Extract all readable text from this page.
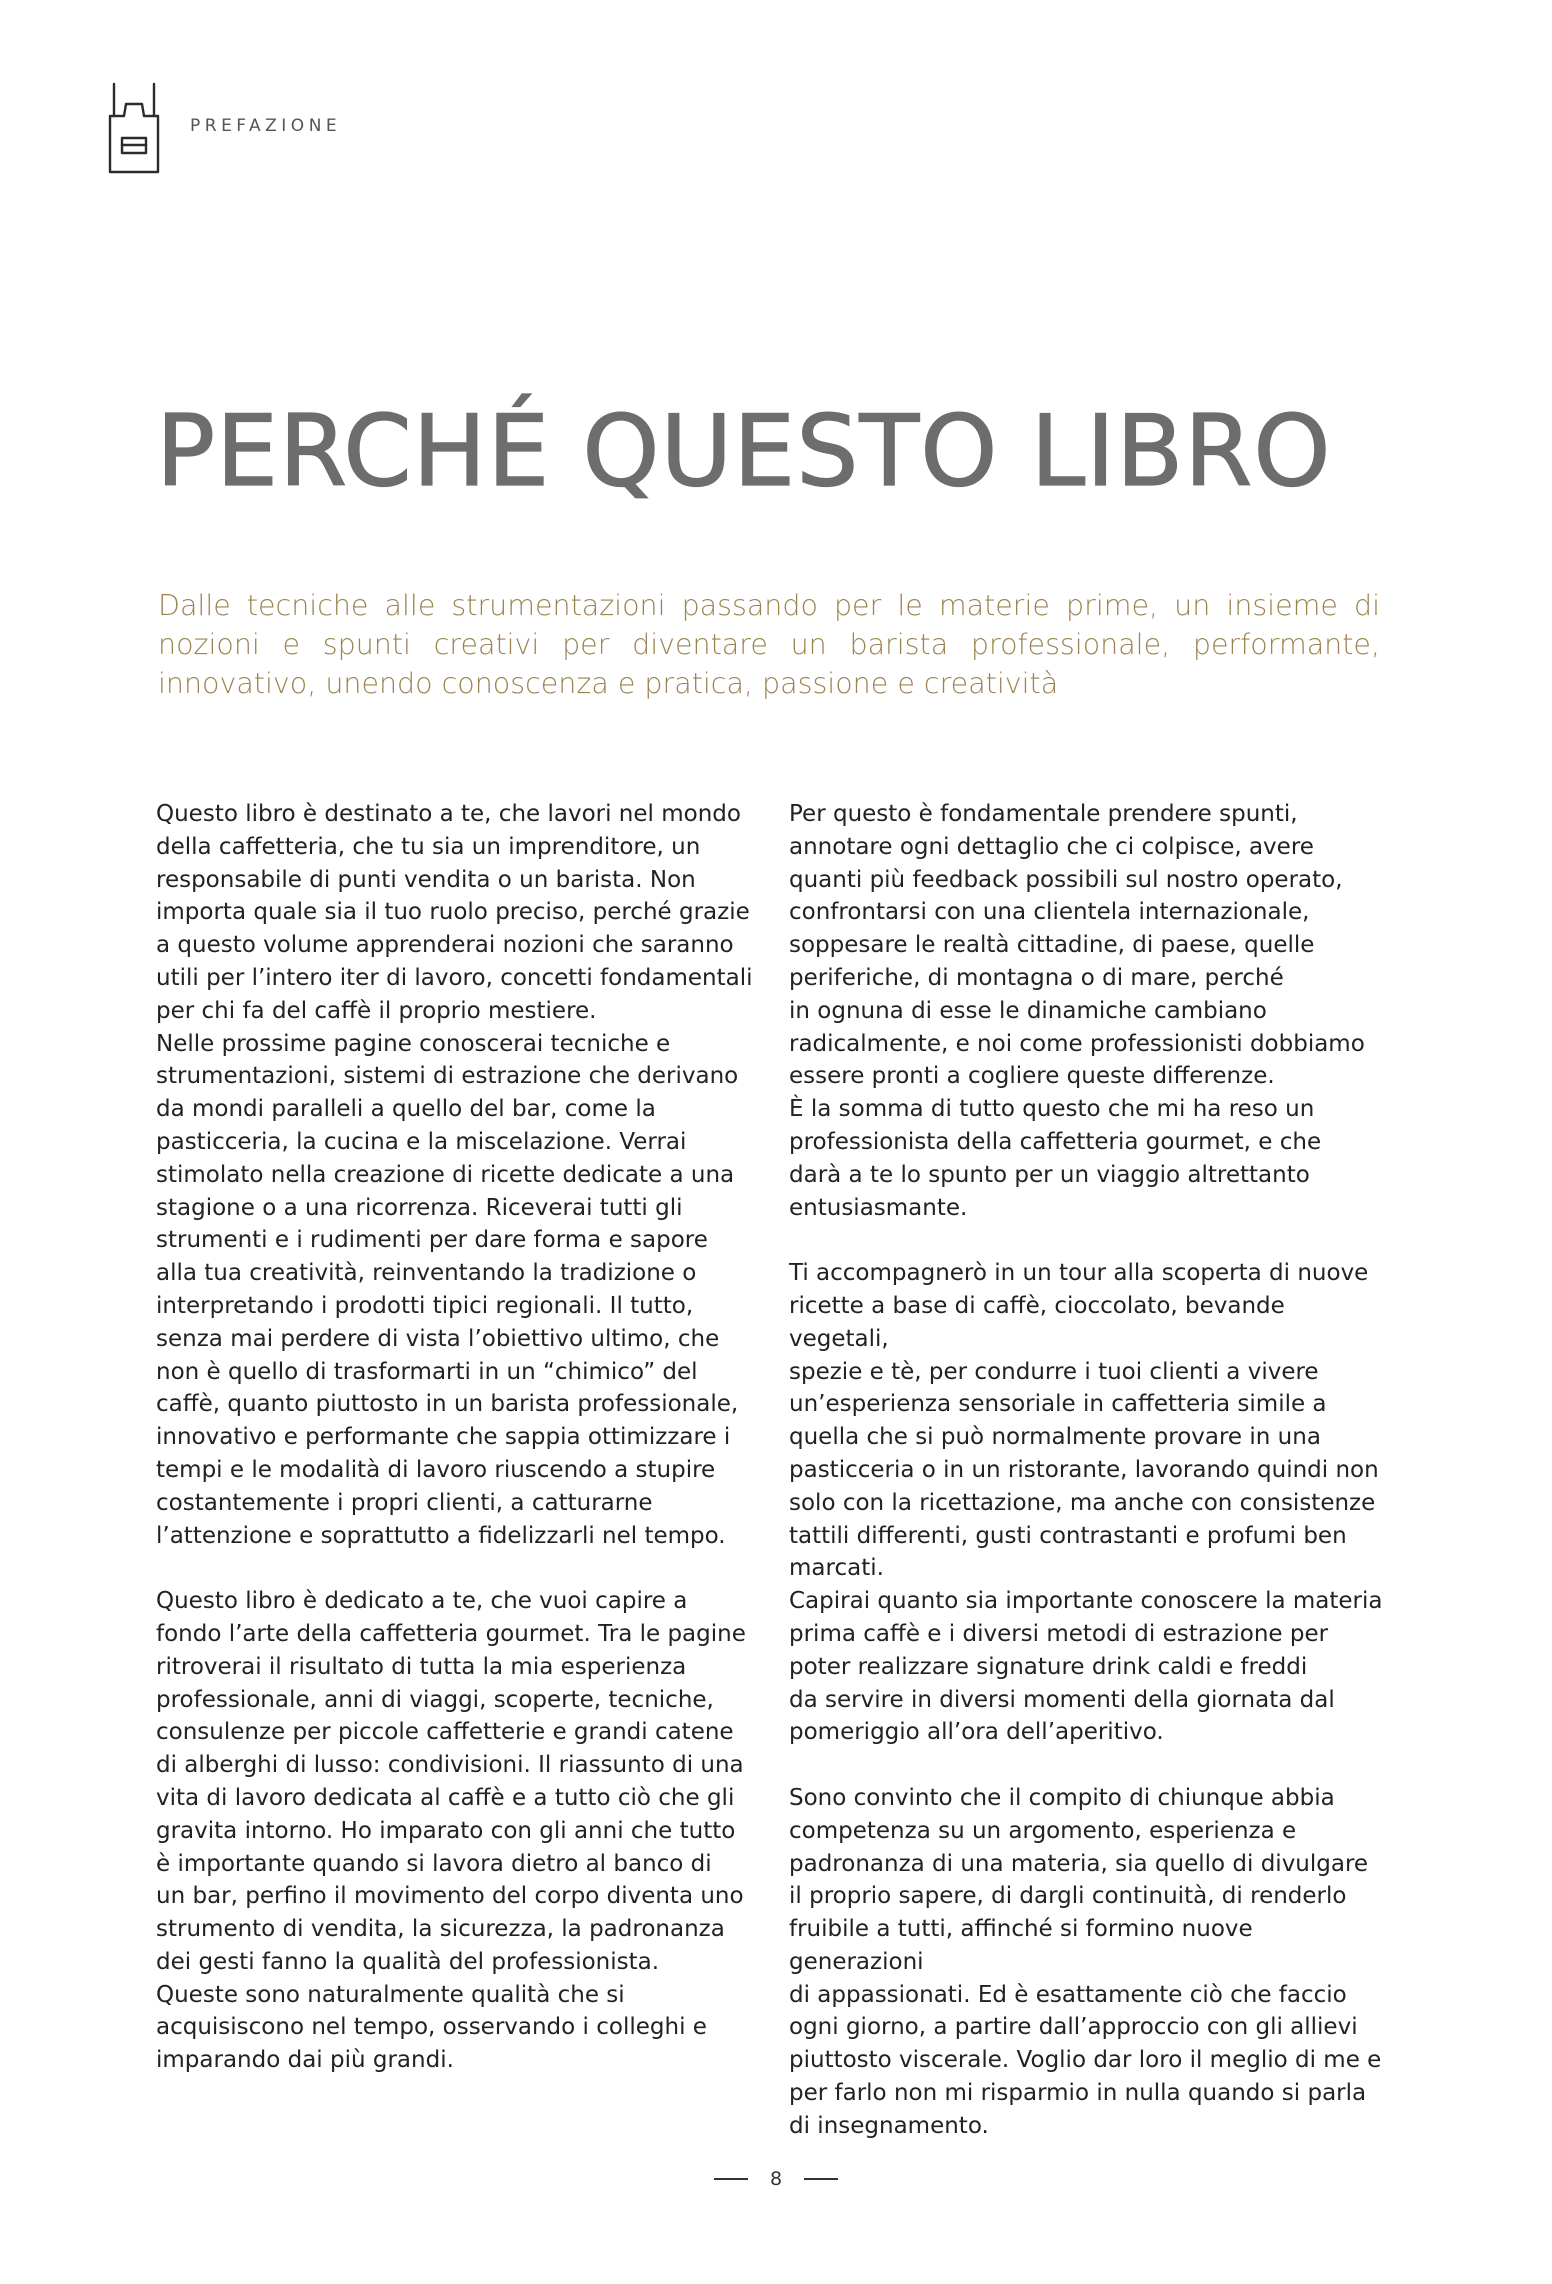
PREFAZIONE
PERCHÉ QUESTO LIBRO

Dalle tecniche alle strumentazioni passando per le materie prime, un insieme di nozioni e spunti creativi per diventare un barista professionale, performante, innovativo, unendo conoscenza e pratica, passione e creatività

Questo libro è destinato a te, che lavori nel mondo
della caffetteria, che tu sia un imprenditore, un
responsabile di punti vendita o un barista. Non
importa quale sia il tuo ruolo preciso, perché grazie
a questo volume apprenderai nozioni che saranno
utili per l’intero iter di lavoro, concetti fondamentali
per chi fa del caffè il proprio mestiere.
Nelle prossime pagine conoscerai tecniche e
strumentazioni, sistemi di estrazione che derivano
da mondi paralleli a quello del bar, come la
pasticceria, la cucina e la miscelazione. Verrai
stimolato nella creazione di ricette dedicate a una
stagione o a una ricorrenza. Riceverai tutti gli
strumenti e i rudimenti per dare forma e sapore
alla tua creatività, reinventando la tradizione o
interpretando i prodotti tipici regionali. Il tutto,
senza mai perdere di vista l’obiettivo ultimo, che
non è quello di trasformarti in un “chimico” del
caffè, quanto piuttosto in un barista professionale,
innovativo e performante che sappia ottimizzare i
tempi e le modalità di lavoro riuscendo a stupire
costantemente i propri clienti, a catturarne
l’attenzione e soprattutto a fidelizzarli nel tempo.

Questo libro è dedicato a te, che vuoi capire a
fondo l’arte della caffetteria gourmet. Tra le pagine
ritroverai il risultato di tutta la mia esperienza
professionale, anni di viaggi, scoperte, tecniche,
consulenze per piccole caffetterie e grandi catene
di alberghi di lusso: condivisioni. Il riassunto di una
vita di lavoro dedicata al caffè e a tutto ciò che gli
gravita intorno. Ho imparato con gli anni che tutto
è importante quando si lavora dietro al banco di
un bar, perfino il movimento del corpo diventa uno
strumento di vendita, la sicurezza, la padronanza
dei gesti fanno la qualità del professionista.
Queste sono naturalmente qualità che si
acquisiscono nel tempo, osservando i colleghi e
imparando dai più grandi.

Per questo è fondamentale prendere spunti,
annotare ogni dettaglio che ci colpisce, avere
quanti più feedback possibili sul nostro operato,
confrontarsi con una clientela internazionale,
soppesare le realtà cittadine, di paese, quelle
periferiche, di montagna o di mare, perché
in ognuna di esse le dinamiche cambiano
radicalmente, e noi come professionisti dobbiamo
essere pronti a cogliere queste differenze.
È la somma di tutto questo che mi ha reso un
professionista della caffetteria gourmet, e che
darà a te lo spunto per un viaggio altrettanto
entusiasmante.

Ti accompagnerò in un tour alla scoperta di nuove
ricette a base di caffè, cioccolato, bevande vegetali,
spezie e tè, per condurre i tuoi clienti a vivere
un’esperienza sensoriale in caffetteria simile a
quella che si può normalmente provare in una
pasticceria o in un ristorante, lavorando quindi non
solo con la ricettazione, ma anche con consistenze
tattili differenti, gusti contrastanti e profumi ben
marcati.
Capirai quanto sia importante conoscere la materia
prima caffè e i diversi metodi di estrazione per
poter realizzare signature drink caldi e freddi
da servire in diversi momenti della giornata dal
pomeriggio all’ora dell’aperitivo.

Sono convinto che il compito di chiunque abbia
competenza su un argomento, esperienza e
padronanza di una materia, sia quello di divulgare
il proprio sapere, di dargli continuità, di renderlo
fruibile a tutti, affinché si formino nuove generazioni
di appassionati. Ed è esattamente ciò che faccio
ogni giorno, a partire dall’approccio con gli allievi
piuttosto viscerale. Voglio dar loro il meglio di me e
per farlo non mi risparmio in nulla quando si parla
di insegnamento.

8
